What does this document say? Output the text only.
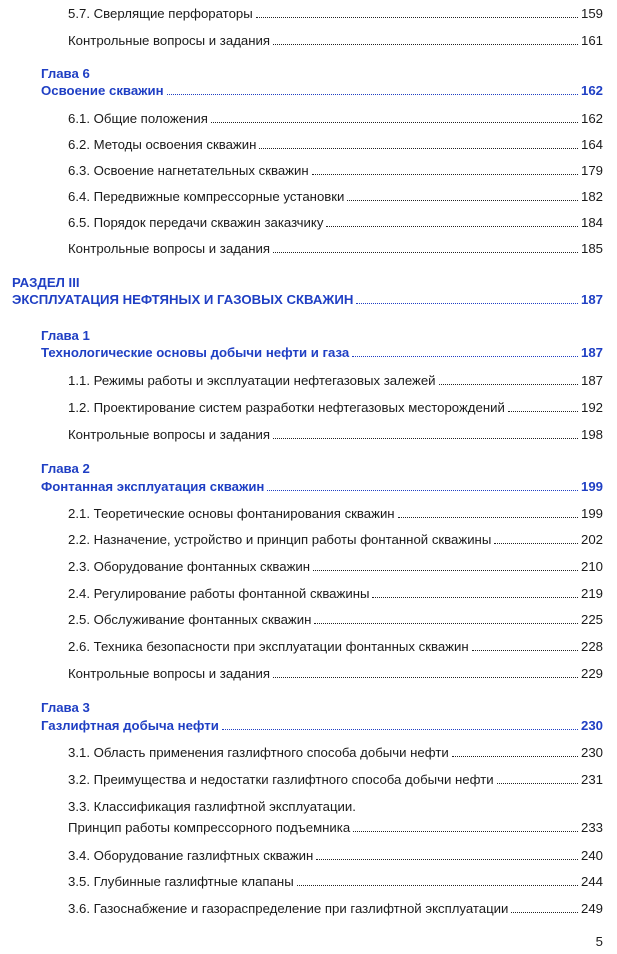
5.7. Сверлящие перфораторы	159
Контрольные вопросы и задания	161
Глава 6
Освоение скважин	162
6.1. Общие положения	162
6.2. Методы освоения скважин	164
6.3. Освоение нагнетательных скважин	179
6.4. Передвижные компрессорные установки	182
6.5. Порядок передачи скважин заказчику	184
Контрольные вопросы и задания	185
РАЗДЕЛ III
ЭКСПЛУАТАЦИЯ НЕФТЯНЫХ И ГАЗОВЫХ СКВАЖИН	187
Глава 1
Технологические основы добычи нефти и газа	187
1.1. Режимы работы и эксплуатации нефтегазовых залежей	187
1.2. Проектирование систем разработки нефтегазовых месторождений	192
Контрольные вопросы и задания	198
Глава 2
Фонтанная эксплуатация скважин	199
2.1. Теоретические основы фонтанирования скважин	199
2.2. Назначение, устройство и принцип работы фонтанной скважины	202
2.3. Оборудование фонтанных скважин	210
2.4. Регулирование работы фонтанной скважины	219
2.5. Обслуживание фонтанных скважин	225
2.6. Техника безопасности при эксплуатации фонтанных скважин	228
Контрольные вопросы и задания	229
Глава 3
Газлифтная добыча нефти	230
3.1. Область применения газлифтного способа добычи нефти	230
3.2. Преимущества и недостатки газлифтного способа добычи нефти	231
3.3. Классификация газлифтной эксплуатации.
Принцип работы компрессорного подъемника	233
3.4. Оборудование газлифтных скважин	240
3.5. Глубинные газлифтные клапаны	244
3.6. Газоснабжение и газораспределение при газлифтной эксплуатации	249
5
